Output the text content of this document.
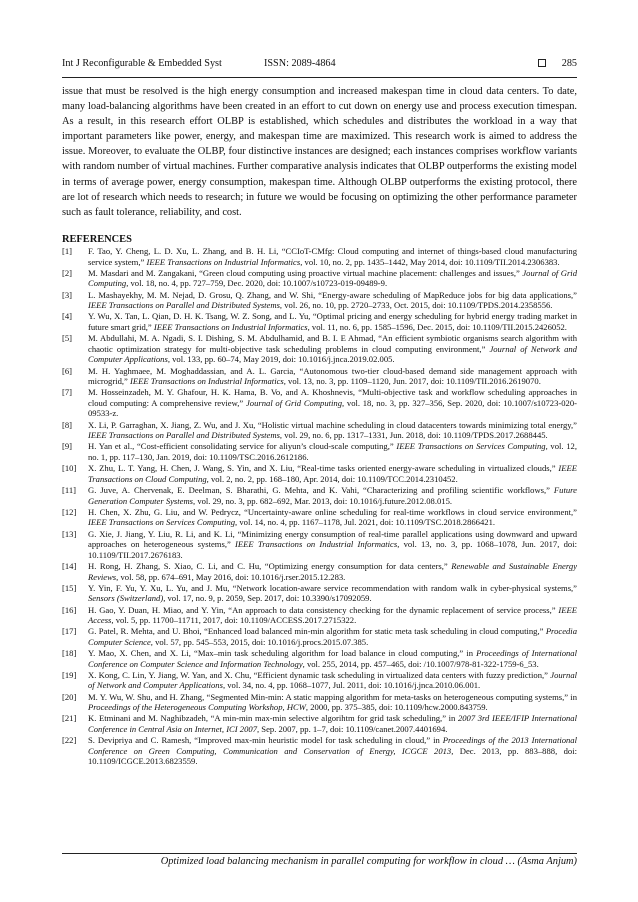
Int J Reconfigurable & Embedded Syst	ISSN: 2089-4864	285

issue that must be resolved is the high energy consumption and increased makespan time in cloud data centers. To date, many load-balancing algorithms have been created in an effort to cut down on energy use and process execution timespan. As a result, in this research effort OLBP is established, which schedules and distributes the workload in a way that important parameters like power, energy, and makespan time are maximized. This research work is aimed to address the issue. Moreover, to evaluate the OLBP, four distinctive instances are designed; each instances comprises workflow variants with random number of virtual machines. Further comparative analysis indicates that OLBP outperforms the existing model in terms of average power, energy consumption, makespan time. Although OLBP outperforms the existing protocol, there are lot of research which needs to research; in future we would be focusing on optimizing the other performance parameter such as fault tolerance, reliability, and cost.

REFERENCES
[1] F. Tao, Y. Cheng, L. D. Xu, L. Zhang, and B. H. Li, “CCIoT-CMfg: Cloud computing and internet of things-based cloud manufacturing service system,” IEEE Transactions on Industrial Informatics, vol. 10, no. 2, pp. 1435–1442, May 2014, doi: 10.1109/TII.2014.2306383.
[2] M. Masdari and M. Zangakani, “Green cloud computing using proactive virtual machine placement: challenges and issues,” Journal of Grid Computing, vol. 18, no. 4, pp. 727–759, Dec. 2020, doi: 10.1007/s10723-019-09489-9.
[3] L. Mashayekhy, M. M. Nejad, D. Grosu, Q. Zhang, and W. Shi, “Energy-aware scheduling of MapReduce jobs for big data applications,” IEEE Transactions on Parallel and Distributed Systems, vol. 26, no. 10, pp. 2720–2733, Oct. 2015, doi: 10.1109/TPDS.2014.2358556.
[4] Y. Wu, X. Tan, L. Qian, D. H. K. Tsang, W. Z. Song, and L. Yu, “Optimal pricing and energy scheduling for hybrid energy trading market in future smart grid,” IEEE Transactions on Industrial Informatics, vol. 11, no. 6, pp. 1585–1596, Dec. 2015, doi: 10.1109/TII.2015.2426052.
[5] M. Abdullahi, M. A. Ngadi, S. I. Dishing, S. M. Abdulhamid, and B. I. E Ahmad, “An efficient symbiotic organisms search algorithm with chaotic optimization strategy for multi-objective task scheduling problems in cloud computing environment,” Journal of Network and Computer Applications, vol. 133, pp. 60–74, May 2019, doi: 10.1016/j.jnca.2019.02.005.
[6] M. H. Yaghmaee, M. Moghaddassian, and A. L. Garcia, “Autonomous two-tier cloud-based demand side management approach with microgrid,” IEEE Transactions on Industrial Informatics, vol. 13, no. 3, pp. 1109–1120, Jun. 2017, doi: 10.1109/TII.2016.2619070.
[7] M. Hosseinzadeh, M. Y. Ghafour, H. K. Hama, B. Vo, and A. Khoshnevis, “Multi-objective task and workflow scheduling approaches in cloud computing: A comprehensive review,” Journal of Grid Computing, vol. 18, no. 3, pp. 327–356, Sep. 2020, doi: 10.1007/s10723-020-09533-z.
[8] X. Li, P. Garraghan, X. Jiang, Z. Wu, and J. Xu, “Holistic virtual machine scheduling in cloud datacenters towards minimizing total energy,” IEEE Transactions on Parallel and Distributed Systems, vol. 29, no. 6, pp. 1317–1331, Jun. 2018, doi: 10.1109/TPDS.2017.2688445.
[9] H. Yan et al., “Cost-efficient consolidating service for aliyun’s cloud-scale computing,” IEEE Transactions on Services Computing, vol. 12, no. 1, pp. 117–130, Jan. 2019, doi: 10.1109/TSC.2016.2612186.
[10] X. Zhu, L. T. Yang, H. Chen, J. Wang, S. Yin, and X. Liu, “Real-time tasks oriented energy-aware scheduling in virtualized clouds,” IEEE Transactions on Cloud Computing, vol. 2, no. 2, pp. 168–180, Apr. 2014, doi: 10.1109/TCC.2014.2310452.
[11] G. Juve, A. Chervenak, E. Deelman, S. Bharathi, G. Mehta, and K. Vahi, “Characterizing and profiling scientific workflows,” Future Generation Computer Systems, vol. 29, no. 3, pp. 682–692, Mar. 2013, doi: 10.1016/j.future.2012.08.015.
[12] H. Chen, X. Zhu, G. Liu, and W. Pedrycz, “Uncertainty-aware online scheduling for real-time workflows in cloud service environment,” IEEE Transactions on Services Computing, vol. 14, no. 4, pp. 1167–1178, Jul. 2021, doi: 10.1109/TSC.2018.2866421.
[13] G. Xie, J. Jiang, Y. Liu, R. Li, and K. Li, “Minimizing energy consumption of real-time parallel applications using downward and upward approaches on heterogeneous systems,” IEEE Transactions on Industrial Informatics, vol. 13, no. 3, pp. 1068–1078, Jun. 2017, doi: 10.1109/TII.2017.2676183.
[14] H. Rong, H. Zhang, S. Xiao, C. Li, and C. Hu, “Optimizing energy consumption for data centers,” Renewable and Sustainable Energy Reviews, vol. 58, pp. 674–691, May 2016, doi: 10.1016/j.rser.2015.12.283.
[15] Y. Yin, F. Yu, Y. Xu, L. Yu, and J. Mu, “Network location-aware service recommendation with random walk in cyber-physical systems,” Sensors (Switzerland), vol. 17, no. 9, p. 2059, Sep. 2017, doi: 10.3390/s17092059.
[16] H. Gao, Y. Duan, H. Miao, and Y. Yin, “An approach to data consistency checking for the dynamic replacement of service process,” IEEE Access, vol. 5, pp. 11700–11711, 2017, doi: 10.1109/ACCESS.2017.2715322.
[17] G. Patel, R. Mehta, and U. Bhoi, “Enhanced load balanced min-min algorithm for static meta task scheduling in cloud computing,” Procedia Computer Science, vol. 57, pp. 545–553, 2015, doi: 10.1016/j.procs.2015.07.385.
[18] Y. Mao, X. Chen, and X. Li, “Max–min task scheduling algorithm for load balance in cloud computing,” in Proceedings of International Conference on Computer Science and Information Technology, vol. 255, 2014, pp. 457–465, doi: /10.1007/978-81-322-1759-6_53.
[19] X. Kong, C. Lin, Y. Jiang, W. Yan, and X. Chu, “Efficient dynamic task scheduling in virtualized data centers with fuzzy prediction,” Journal of Network and Computer Applications, vol. 34, no. 4, pp. 1068–1077, Jul. 2011, doi: 10.1016/j.jnca.2010.06.001.
[20] M. Y. Wu, W. Shu, and H. Zhang, “Segmented Min-min: A static mapping algorithm for meta-tasks on heterogeneous computing systems,” in Proceedings of the Heterogeneous Computing Workshop, HCW, 2000, pp. 375–385, doi: 10.1109/hcw.2000.843759.
[21] K. Etminani and M. Naghibzadeh, “A min-min max-min selective algorihtm for grid task scheduling,” in 2007 3rd IEEE/IFIP International Conference in Central Asia on Internet, ICI 2007, Sep. 2007, pp. 1–7, doi: 10.1109/canet.2007.4401694.
[22] S. Devipriya and C. Ramesh, “Improved max-min heuristic model for task scheduling in cloud,” in Proceedings of the 2013 International Conference on Green Computing, Communication and Conservation of Energy, ICGCE 2013, Dec. 2013, pp. 883–888, doi: 10.1109/ICGCE.2013.6823559.
Optimized load balancing mechanism in parallel computing for workflow in cloud … (Asma Anjum)
